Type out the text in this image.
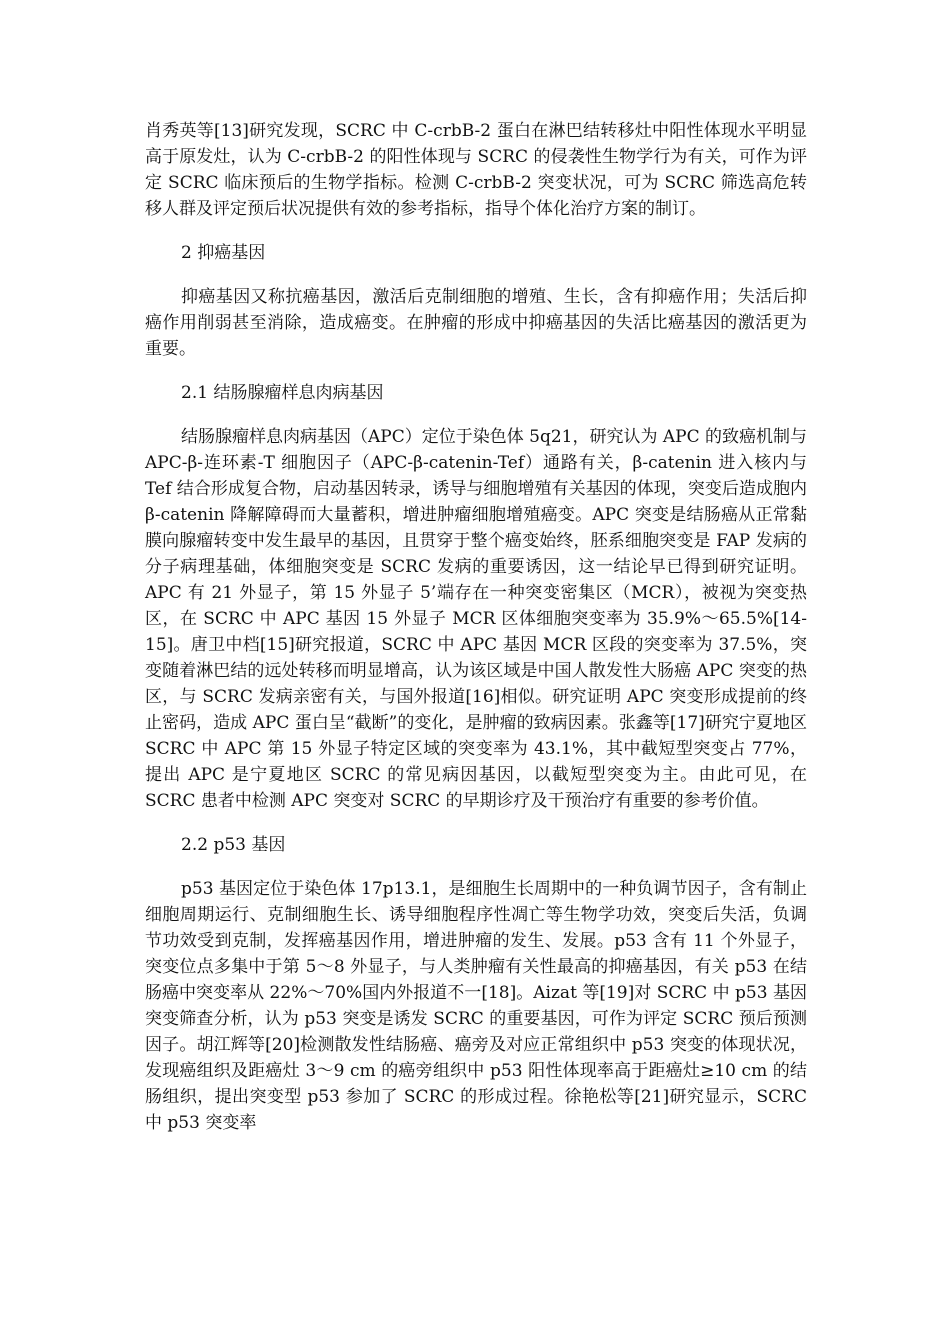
肖秀英等[13]研究发现，SCRC 中 C-crbB-2 蛋白在淋巴结转移灶中阳性体现水平明显高于原发灶，认为 C-crbB-2 的阳性体现与 SCRC 的侵袭性生物学行为有关，可作为评定 SCRC 临床预后的生物学指标。检测 C-crbB-2 突变状况，可为 SCRC 筛选高危转移人群及评定预后状况提供有效的参考指标，指导个体化治疗方案的制订。

2 抑癌基因

抑癌基因又称抗癌基因，激活后克制细胞的增殖、生长，含有抑癌作用；失活后抑癌作用削弱甚至消除，造成癌变。在肿瘤的形成中抑癌基因的失活比癌基因的激活更为重要。

2.1 结肠腺瘤样息肉病基因

结肠腺瘤样息肉病基因（APC）定位于染色体 5q21，研究认为 APC 的致癌机制与 APC-β-连环素-T 细胞因子（APC-β-catenin-Tef）通路有关，β-catenin 进入核内与 Tef 结合形成复合物，启动基因转录，诱导与细胞增殖有关基因的体现，突变后造成胞内 β-catenin 降解障碍而大量蓄积，增进肿瘤细胞增殖癌变。APC 突变是结肠癌从正常黏膜向腺瘤转变中发生最早的基因，且贯穿于整个癌变始终，胚系细胞突变是 FAP 发病的分子病理基础，体细胞突变是 SCRC 发病的重要诱因，这一结论早已得到研究证明。APC 有 21 外显子，第 15 外显子 5’端存在一种突变密集区（MCR），被视为突变热区，在 SCRC 中 APC 基因 15 外显子 MCR 区体细胞突变率为 35.9%～65.5%[14-15]。唐卫中档[15]研究报道，SCRC 中 APC 基因 MCR 区段的突变率为 37.5%，突变随着淋巴结的远处转移而明显增高，认为该区域是中国人散发性大肠癌 APC 突变的热区，与 SCRC 发病亲密有关，与国外报道[16]相似。研究证明 APC 突变形成提前的终止密码，造成 APC 蛋白呈“截断”的变化，是肿瘤的致病因素。张鑫等[17]研究宁夏地区 SCRC 中 APC 第 15 外显子特定区域的突变率为 43.1%，其中截短型突变占 77%，提出 APC 是宁夏地区 SCRC 的常见病因基因，以截短型突变为主。由此可见，在 SCRC 患者中检测 APC 突变对 SCRC 的早期诊疗及干预治疗有重要的参考价值。

2.2 p53 基因

p53 基因定位于染色体 17p13.1，是细胞生长周期中的一种负调节因子，含有制止细胞周期运行、克制细胞生长、诱导细胞程序性凋亡等生物学功效，突变后失活，负调节功效受到克制，发挥癌基因作用，增进肿瘤的发生、发展。p53 含有 11 个外显子，突变位点多集中于第 5～8 外显子，与人类肿瘤有关性最高的抑癌基因，有关 p53 在结肠癌中突变率从 22%～70%国内外报道不一[18]。Aizat 等[19]对 SCRC 中 p53 基因突变筛查分析，认为 p53 突变是诱发 SCRC 的重要基因，可作为评定 SCRC 预后预测因子。胡江辉等[20]检测散发性结肠癌、癌旁及对应正常组织中 p53 突变的体现状况，发现癌组织及距癌灶 3～9 cm 的癌旁组织中 p53 阳性体现率高于距癌灶≥10 cm 的结肠组织，提出突变型 p53 参加了 SCRC 的形成过程。徐艳松等[21]研究显示，SCRC 中 p53 突变率
